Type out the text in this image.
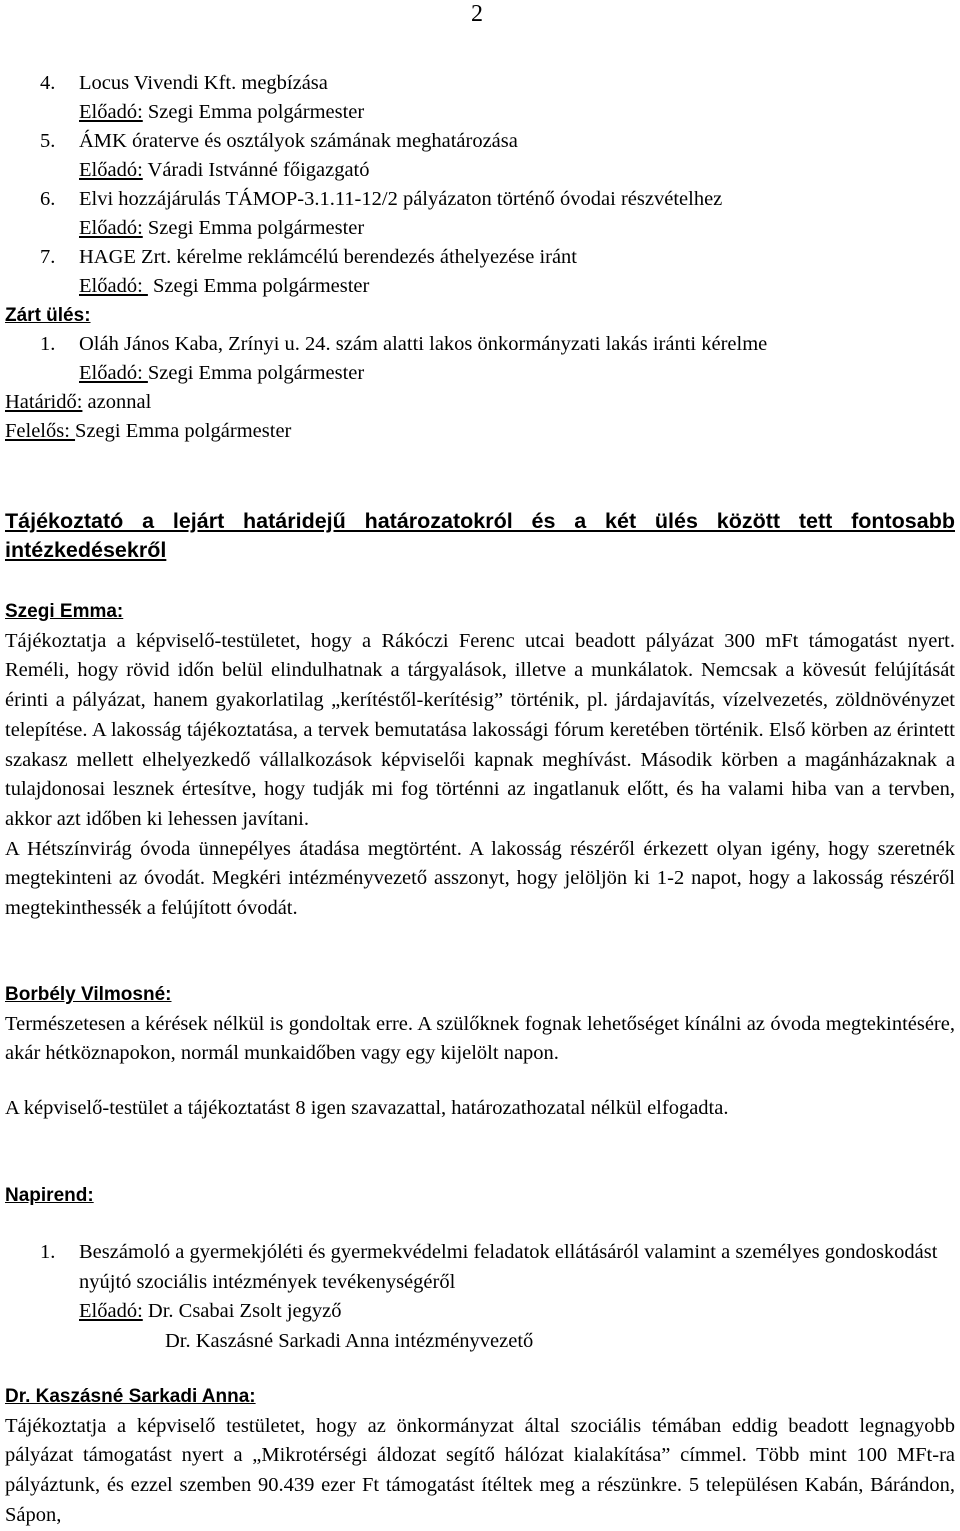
2
4.	Locus Vivendi Kft. megbízása
Előadó: Szegi Emma polgármester
5.	ÁMK óraterve és osztályok számának meghatározása
Előadó: Váradi Istvánné főigazgató
6.	Elvi hozzájárulás TÁMOP-3.1.11-12/2 pályázaton történő óvodai részvételhez
Előadó: Szegi Emma polgármester
7.	HAGE Zrt. kérelme reklámcélú berendezés áthelyezése iránt
Előadó:  Szegi Emma polgármester
Zárt ülés:
1.	Oláh János Kaba, Zrínyi u. 24. szám alatti lakos önkormányzati lakás iránti kérelme
Előadó: Szegi Emma polgármester
Határidő: azonnal
Felelős: Szegi Emma polgármester
Tájékoztató a lejárt határidejű határozatokról és a két ülés között tett fontosabb intézkedésekről
Szegi Emma:
Tájékoztatja a képviselő-testületet, hogy a Rákóczi Ferenc utcai beadott pályázat 300 mFt támogatást nyert. Reméli, hogy rövid időn belül elindulhatnak a tárgyalások, illetve a munkálatok. Nemcsak a kövesút felújítását érinti a pályázat, hanem gyakorlatilag „kerítéstől-kerítésig” történik, pl. járdajavítás, vízelvezetés, zöldnövényzet telepítése. A lakosság tájékoztatása, a tervek bemutatása lakossági fórum keretében történik. Első körben az érintett szakasz mellett elhelyezkedő vállalkozások képviselői kapnak meghívást. Második körben a magánházaknak a tulajdonosai lesznek értesítve, hogy tudják mi fog történni az ingatlanuk előtt, és ha valami hiba van a tervben, akkor azt időben ki lehessen javítani.
A Hétszínvirág óvoda ünnepélyes átadása megtörtént. A lakosság részéről érkezett olyan igény, hogy szeretnék megtekinteni az óvodát. Megkéri intézményvezető asszonyt, hogy jelöljön ki 1-2 napot, hogy a lakosság részéről megtekinthessék a felújított óvodát.
Borbély Vilmosné:
Természetesen a kérések nélkül is gondoltak erre. A szülőknek fognak lehetőséget kínálni az óvoda megtekintésére, akár hétköznapokon, normál munkaidőben vagy egy kijelölt napon.
A képviselő-testület a tájékoztatást 8 igen szavazattal, határozathozatal nélkül elfogadta.
Napirend:
1.	Beszámoló a gyermekjóléti és gyermekvédelmi feladatok ellátásáról valamint a személyes gondoskodást nyújtó szociális intézmények tevékenységéről
Előadó: Dr. Csabai Zsolt jegyző
Dr. Kaszásné Sarkadi Anna intézményvezető
Dr. Kaszásné Sarkadi Anna:
Tájékoztatja a képviselő testületet, hogy az önkormányzat által szociális témában eddig beadott legnagyobb pályázat támogatást nyert a „Mikrotérségi áldozat segítő hálózat kialakítása” címmel. Több mint 100 MFt-ra pályáztunk, és ezzel szemben 90.439 ezer Ft támogatást ítéltek meg a részünkre. 5 településen Kabán, Bárándon, Sápon,
